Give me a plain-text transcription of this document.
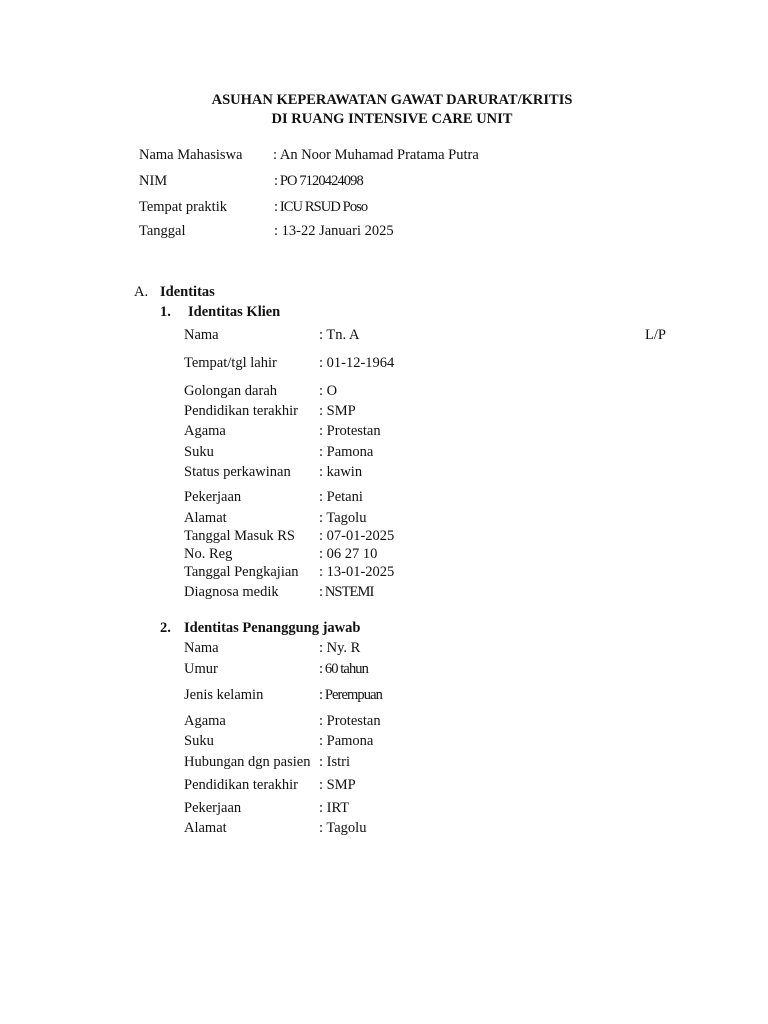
ASUHAN KEPERAWATAN GAWAT DARURAT/KRITIS
DI RUANG INTENSIVE CARE UNIT
Nama Mahasiswa : An Noor Muhamad Pratama Putra
NIM	: PO 7120424098
Tempat praktik	: ICU RSUD Poso
Tanggal	: 13-22 Januari 2025
A. Identitas
1. Identitas Klien
Nama	: Tn. A	L/P
Tempat/tgl lahir	: 01-12-1964
Golongan darah	: O
Pendidikan terakhir : SMP
Agama	: Protestan
Suku	: Pamona
Status perkawinan : kawin
Pekerjaan	: Petani
Alamat	: Tagolu
Tanggal Masuk RS : 07-01-2025
No. Reg	: 06 27 10
Tanggal Pengkajian : 13-01-2025
Diagnosa medik	: NSTEMI
2. Identitas Penanggung jawab
Nama	: Ny. R
Umur	: 60 tahun
Jenis kelamin	: Perempuan
Agama	: Protestan
Suku	: Pamona
Hubungan dgn pasien : Istri
Pendidikan terakhir : SMP
Pekerjaan	: IRT
Alamat	: Tagolu
